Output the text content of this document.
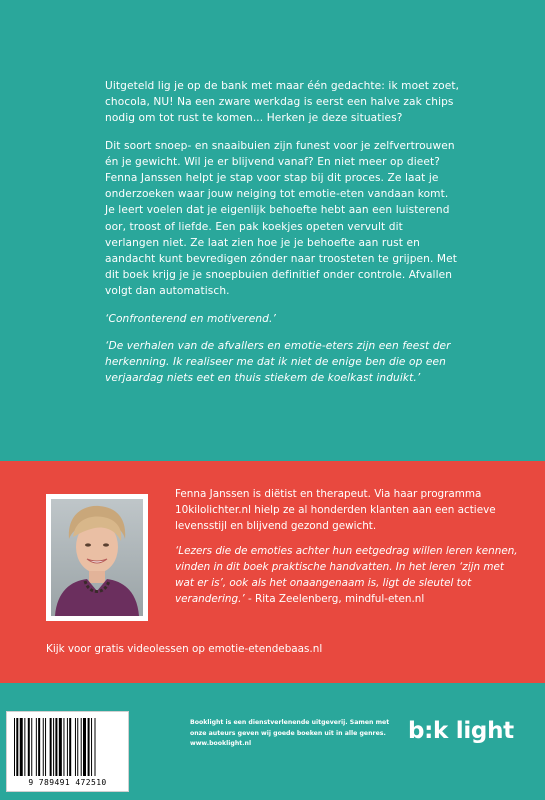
Uitgeteld lig je op de bank met maar één gedachte: ik moet zoet, chocola, NU! Na een zware werkdag is eerst een halve zak chips nodig om tot rust te komen... Herken je deze situaties?

Dit soort snoep- en snaaibuien zijn funest voor je zelfvertrouwen én je gewicht. Wil je er blijvend vanaf? En niet meer op dieet? Fenna Janssen helpt je stap voor stap bij dit proces. Ze laat je onderzoeken waar jouw neiging tot emotie-eten vandaan komt. Je leert voelen dat je eigenlijk behoefte hebt aan een luisterend oor, troost of liefde. Een pak koekjes opeten vervult dit verlangen niet. Ze laat zien hoe je je behoefte aan rust en aandacht kunt bevredigen zónder naar troosteten te grijpen. Met dit boek krijg je je snoepbuien definitief onder controle. Afvallen volgt dan automatisch.

‘Confronterend en motiverend.’

‘De verhalen van de afvallers en emotie-eters zijn een feest der herkenning. Ik realiseer me dat ik niet de enige ben die op een verjaardag niets eet en thuis stiekem de koelkast induikt.’

Fenna Janssen is diëtist en therapeut. Via haar programma 10kilolichter.nl hielp ze al honderden klanten aan een actieve levensstijl en blijvend gezond gewicht.

‘Lezers die de emoties achter hun eetgedrag willen leren kennen, vinden in dit boek praktische handvatten. In het leren ‘zijn met wat er is’, ook als het onaangenaam is, ligt de sleutel tot verandering.’ - Rita Zeelenberg, mindful-eten.nl

Kijk voor gratis videolessen op emotie-etendebaas.nl
9 789491 472510
Booklight is een dienstverlenende uitgeverij. Samen met onze auteurs geven wij goede boeken uit in alle genres. www.booklight.nl	b:k light
